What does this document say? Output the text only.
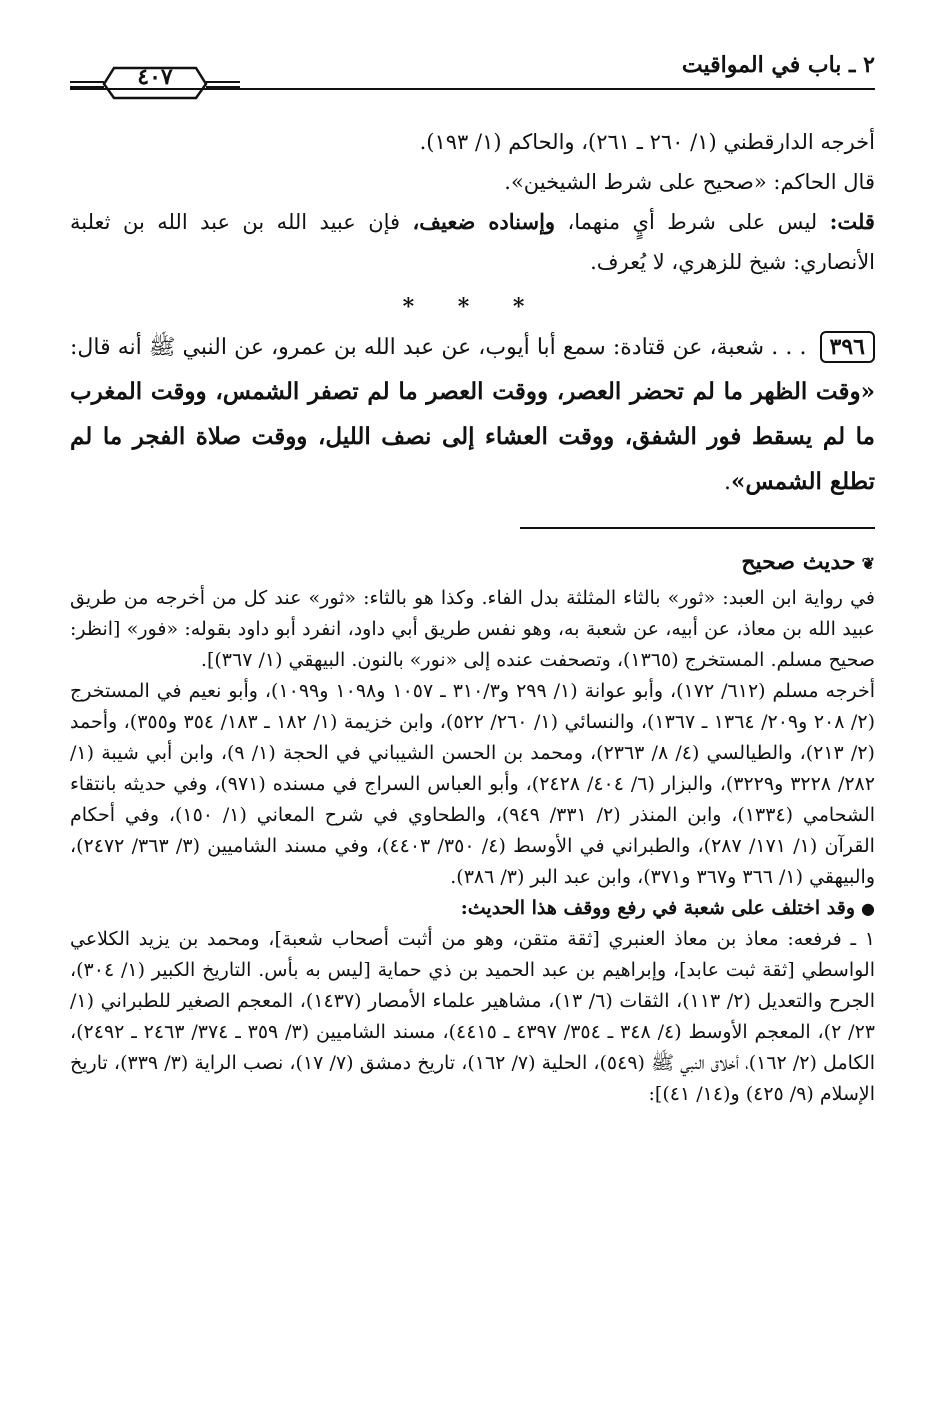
٢ ـ باب في المواقيت
٤٠٧

أخرجه الدارقطني (١/ ٢٦٠ ـ ٢٦١)، والحاكم (١/ ١٩٣).

قال الحاكم: «صحيح على شرط الشيخين».

قلت: ليس على شرط أيٍ منهما، وإسناده ضعيف، فإن عبيد الله بن عبد الله بن ثعلبة الأنصاري: شيخ للزهري، لا يُعرف.

* * *

٣٩٦ . . . شعبة، عن قتادة: سمع أبا أيوب، عن عبد الله بن عمرو، عن النبي ﷺ أنه قال: «وقت الظهر ما لم تحضر العصر، ووقت العصر ما لم تصفر الشمس، ووقت المغرب ما لم يسقط فور الشفق، ووقت العشاء إلى نصف الليل، ووقت صلاة الفجر ما لم تطلع الشمس».

❦حديث صحيح

في رواية ابن العبد: «ثور» بالثاء المثلثة بدل الفاء. وكذا هو بالثاء: «ثور» عند كل من أخرجه من طريق عبيد الله بن معاذ، عن أبيه، عن شعبة به، وهو نفس طريق أبي داود، انفرد أبو داود بقوله: «فور» [انظر: صحيح مسلم. المستخرج (١٣٦٥)، وتصحفت عنده إلى «نور» بالنون. البيهقي (١/ ٣٦٧)].

أخرجه مسلم (٦١٢/ ١٧٢)، وأبو عوانة (١/ ٢٩٩ و٣١٠/٣ ـ ١٠٥٧ و١٠٩٨ و١٠٩٩)، وأبو نعيم في المستخرج (٢/ ٢٠٨ و٢٠٩/ ١٣٦٤ ـ ١٣٦٧)، والنسائي (١/ ٢٦٠/ ٥٢٢)، وابن خزيمة (١/ ١٨٢ ـ ١٨٣/ ٣٥٤ و٣٥٥)، وأحمد (٢/ ٢١٣)، والطيالسي (٤/ ٨/ ٢٣٦٣)، ومحمد بن الحسن الشيباني في الحجة (١/ ٩)، وابن أبي شيبة (١/ ٢٨٢/ ٣٢٢٨ و٣٢٢٩)، والبزار (٦/ ٤٠٤/ ٢٤٢٨)، وأبو العباس السراج في مسنده (٩٧١)، وفي حديثه بانتقاء الشحامي (١٣٣٤)، وابن المنذر (٢/ ٣٣١/ ٩٤٩)، والطحاوي في شرح المعاني (١/ ١٥٠)، وفي أحكام القرآن (١/ ١٧١/ ٢٨٧)، والطبراني في الأوسط (٤/ ٣٥٠/ ٤٤٠٣)، وفي مسند الشاميين (٣/ ٣٦٣/ ٢٤٧٢)، والبيهقي (١/ ٣٦٦ و٣٦٧ و٣٧١)، وابن عبد البر (٣/ ٣٨٦).

●وقد اختلف على شعبة في رفع ووقف هذا الحديث:

١ ـ فرفعه: معاذ بن معاذ العنبري [ثقة متقن، وهو من أثبت أصحاب شعبة]، ومحمد بن يزيد الكلاعي الواسطي [ثقة ثبت عابد]، وإبراهيم بن عبد الحميد بن ذي حماية [ليس به بأس. التاريخ الكبير (١/ ٣٠٤)، الجرح والتعديل (٢/ ١١٣)، الثقات (٦/ ١٣)، مشاهير علماء الأمصار (١٤٣٧)، المعجم الصغير للطبراني (١/ ٢٣/ ٢)، المعجم الأوسط (٤/ ٣٤٨ ـ ٣٥٤/ ٤٣٩٧ ـ ٤٤١٥)، مسند الشاميين (٣/ ٣٥٩ ـ ٣٧٤/ ٢٤٦٣ ـ ٢٤٩٢)، الكامل (٢/ ١٦٢)، أخلاق النبي ﷺ (٥٤٩)، الحلية (٧/ ١٦٢)، تاريخ دمشق (٧/ ١٧)، نصب الراية (٣/ ٣٣٩)، تاريخ الإسلام (٩/ ٤٢٥) و(١٤/ ٤١)]:
